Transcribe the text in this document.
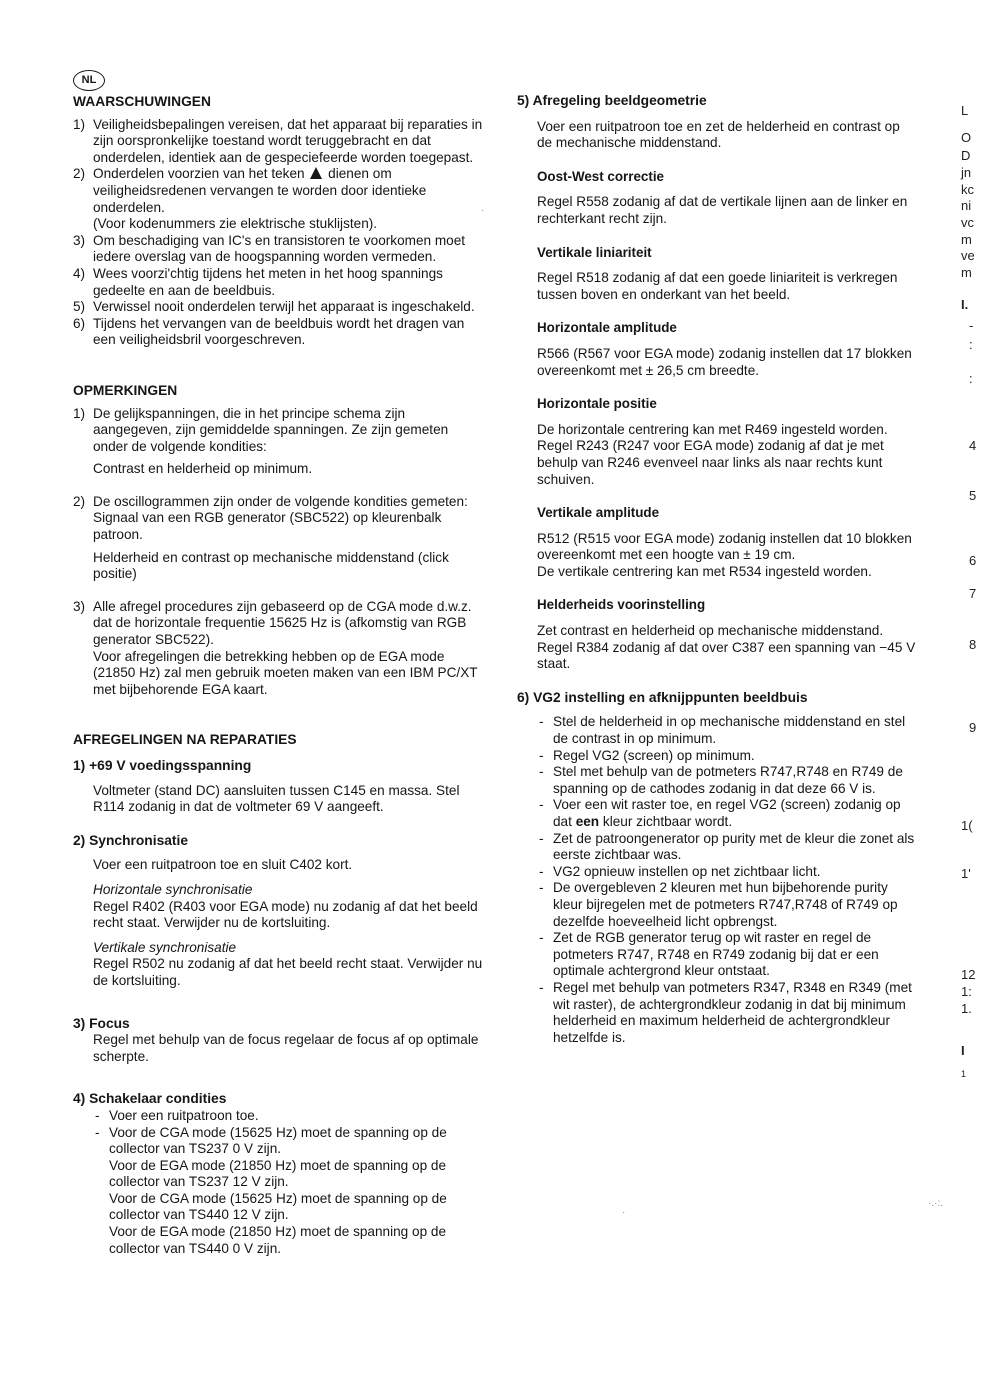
NL
WAARSCHUWINGEN
1) Veiligheidsbepalingen vereisen, dat het apparaat bij reparaties in zijn oorspronkelijke toestand wordt teruggebracht en dat onderdelen, identiek aan de gespeciefeerde worden toegepast.
2) Onderdelen voorzien van het teken dienen om veiligheidsredenen vervangen te worden door identieke onderdelen.
(Voor kodenummers zie elektrische stuklijsten).
3) Om beschadiging van IC's en transistoren te voorkomen moet iedere overslag van de hoogspanning worden vermeden.
4) Wees voorzi'chtig tijdens het meten in het hoog spannings gedeelte en aan de beeldbuis.
5) Verwissel nooit onderdelen terwijl het apparaat is ingeschakeld.
6) Tijdens het vervangen van de beeldbuis wordt het dragen van een veiligheidsbril voorgeschreven.
OPMERKINGEN
1) De gelijkspanningen, die in het principe schema zijn aangegeven, zijn gemiddelde spanningen. Ze zijn gemeten onder de volgende kondities:

Contrast en helderheid op minimum.

2) De oscillogrammen zijn onder de volgende kondities gemeten:

Signaal van een RGB generator (SBC522) op kleurenbalk patroon.

Helderheid en contrast op mechanische middenstand (click positie)

3) Alle afregel procedures zijn gebaseerd op de CGA mode d.w.z. dat de horizontale frequentie 15625 Hz is (afkomstig van RGB generator SBC522).

Voor afregelingen die betrekking hebben op de EGA mode (21850 Hz) zal men gebruik moeten maken van een IBM PC/XT met bijbehorende EGA kaart.

AFREGELINGEN NA REPARATIES
1) +69 V voedingsspanning

Voltmeter (stand DC) aansluiten tussen C145 en massa. Stel R114 zodanig in dat de voltmeter 69 V aangeeft.

2) Synchronisatie

Voer een ruitpatroon toe en sluit C402 kort.

Horizontale synchronisatie

Regel R402 (R403 voor EGA mode) nu zodanig af dat het beeld recht staat. Verwijder nu de kortsluiting.

Vertikale synchronisatie

Regel R502 nu zodanig af dat het beeld recht staat. Verwijder nu de kortsluiting.

3) Focus

Regel met behulp van de focus regelaar de focus af op optimale scherpte.

4) Schakelaar condities
- Voer een ruitpatroon toe.
- Voor de CGA mode (15625 Hz) moet de spanning op de collector van TS237 0 V zijn.

Voor de EGA mode (21850 Hz) moet de spanning op de collector van TS237 12 V zijn.

Voor de CGA mode (15625 Hz) moet de spanning op de collector van TS440 12 V zijn.

Voor de EGA mode (21850 Hz) moet de spanning op de collector van TS440 0 V zijn.

5) Afregeling beeldgeometrie

Voer een ruitpatroon toe en zet de helderheid en contrast op de mechanische middenstand.

Oost-West correctie

Regel R558 zodanig af dat de vertikale lijnen aan de linker en rechterkant recht zijn.

Vertikale liniariteit

Regel R518 zodanig af dat een goede liniariteit is verkregen tussen boven en onderkant van het beeld.

Horizontale amplitude

R566 (R567 voor EGA mode) zodanig instellen dat 17 blokken overeenkomt met ± 26,5 cm breedte.

Horizontale positie

De horizontale centrering kan met R469 ingesteld worden. Regel R243 (R247 voor EGA mode) zodanig af dat je met behulp van R246 evenveel naar links als naar rechts kunt schuiven.

Vertikale amplitude

R512 (R515 voor EGA mode) zodanig instellen dat 10 blokken overeenkomt met een hoogte van ± 19 cm.

De vertikale centrering kan met R534 ingesteld worden.

Helderheids voorinstelling

Zet contrast en helderheid op mechanische middenstand.

Regel R384 zodanig af dat over C387 een spanning van −45 V staat.

6) VG2 instelling en afknijppunten beeldbuis
- Stel de helderheid in op mechanische middenstand en stel de contrast in op minimum.
- Regel VG2 (screen) op minimum.
- Stel met behulp van de potmeters R747,R748 en R749 de spanning op de cathodes zodanig in dat deze 66 V is.
- Voer een wit raster toe, en regel VG2 (screen) zodanig op dat een kleur zichtbaar wordt.
- Zet de patroongenerator op purity met de kleur die zonet als eerste zichtbaar was.
- VG2 opnieuw instellen op net zichtbaar licht.
- De overgebleven 2 kleuren met hun bijbehorende purity kleur bijregelen met de potmeters R747,R748 of R749 op dezelfde hoeveelheid licht opbrengst.
- Zet de RGB generator terug op wit raster en regel de potmeters R747, R748 en R749 zodanig bij dat er een optimale achtergrond kleur ontstaat.
- Regel met behulp van potmeters R347, R348 en R349 (met wit raster), de achtergrondkleur zodanig in dat bij minimum helderheid en maximum helderheid de achtergrondkleur hetzelfde is.
L
O
D
jn
kc
ni
vc
m
ve
m
I.
-
:
:
4
5
6
7
8
9
1(
1'
12
1:
1.
I
1
·
·
·.·:.
